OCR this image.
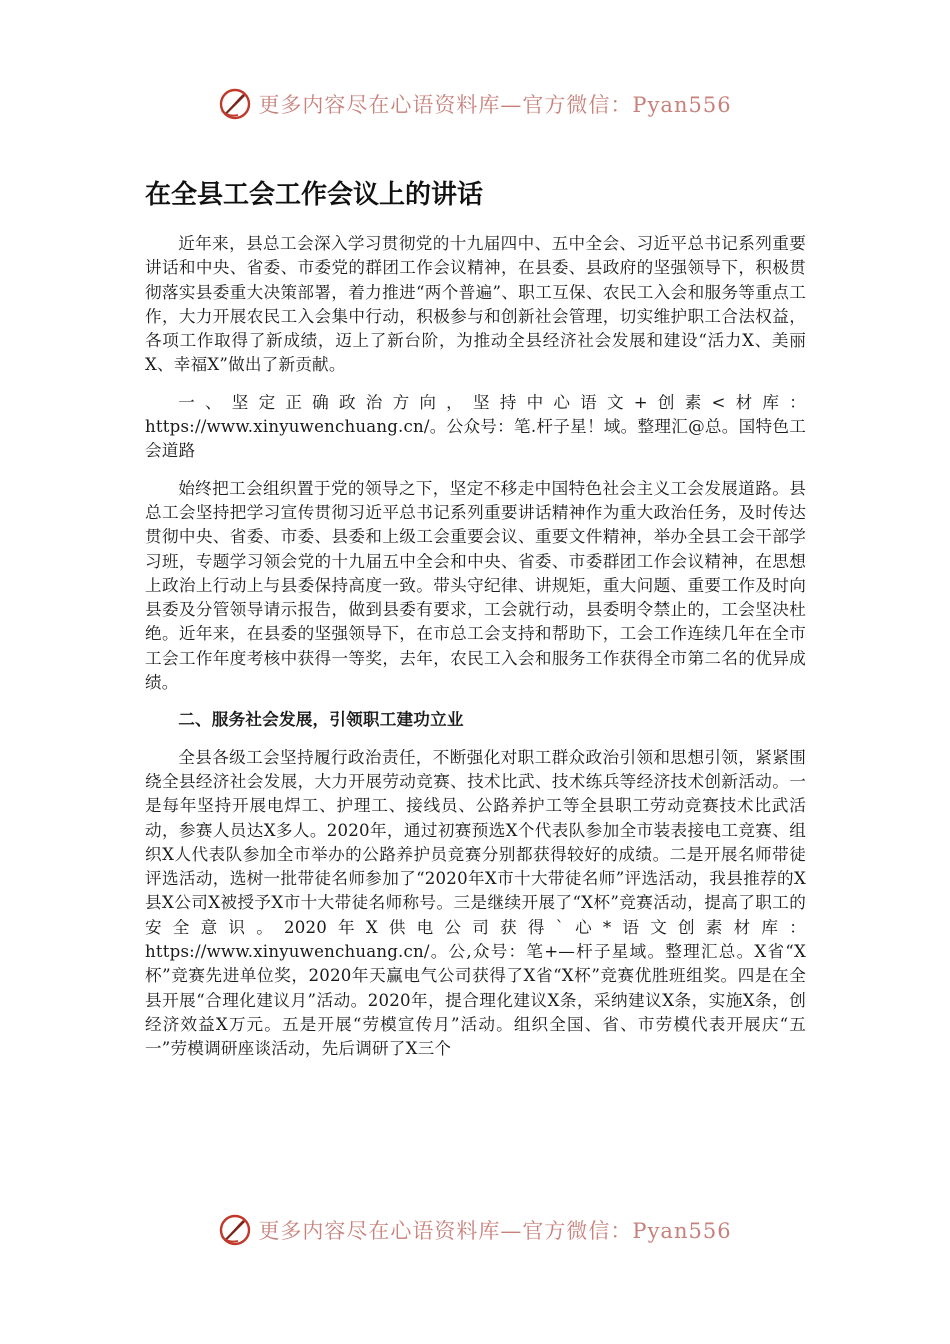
更多内容尽在心语资料库—官方微信：Pyan556
在全县工会工作会议上的讲话

近年来，县总工会深入学习贯彻党的十九届四中、五中全会、习近平总书记系列重要讲话和中央、省委、市委党的群团工作会议精神，在县委、县政府的坚强领导下，积极贯彻落实县委重大决策部署，着力推进“两个普遍”、职工互保、农民工入会和服务等重点工作，大力开展农民工入会集中行动，积极参与和创新社会管理，切实维护职工合法权益，各项工作取得了新成绩，迈上了新台阶，为推动全县经济社会发展和建设“活力X、美丽X、幸福X”做出了新贡献。

一、坚定正确政治方向，坚持中心语文+创素<材库：https://www.xinyuwenchuang.cn/。公众号：笔.杆子星！域。整理汇@总。国特色工会道路

始终把工会组织置于党的领导之下，坚定不移走中国特色社会主义工会发展道路。县总工会坚持把学习宣传贯彻习近平总书记系列重要讲话精神作为重大政治任务，及时传达贯彻中央、省委、市委、县委和上级工会重要会议、重要文件精神，举办全县工会干部学习班，专题学习领会党的十九届五中全会和中央、省委、市委群团工作会议精神，在思想上政治上行动上与县委保持高度一致。带头守纪律、讲规矩，重大问题、重要工作及时向县委及分管领导请示报告，做到县委有要求，工会就行动，县委明令禁止的，工会坚决杜绝。近年来，在县委的坚强领导下，在市总工会支持和帮助下，工会工作连续几年在全市工会工作年度考核中获得一等奖，去年，农民工入会和服务工作获得全市第二名的优异成绩。

二、服务社会发展，引领职工建功立业

全县各级工会坚持履行政治责任，不断强化对职工群众政治引领和思想引领，紧紧围绕全县经济社会发展，大力开展劳动竞赛、技术比武、技术练兵等经济技术创新活动。一是每年坚持开展电焊工、护理工、接线员、公路养护工等全县职工劳动竞赛技术比武活动，参赛人员达X多人。2020年，通过初赛预选X个代表队参加全市装表接电工竞赛、组织X人代表队参加全市举办的公路养护员竞赛分别都获得较好的成绩。二是开展名师带徒评选活动，选树一批带徒名师参加了“2020年X市十大带徒名师”评选活动，我县推荐的X县X公司X被授予X市十大带徒名师称号。三是继续开展了“X杯”竞赛活动，提高了职工的安全意识。2020年X供电公司获得`心*语文创素材库：https://www.xinyuwenchuang.cn/。公,众号：笔+—杆子星域。整理汇总。X省“X杯”竞赛先进单位奖，2020年天赢电气公司获得了X省“X杯”竞赛优胜班组奖。四是在全县开展“合理化建议月”活动。2020年，提合理化建议X条，采纳建议X条，实施X条，创经济效益X万元。五是开展“劳模宣传月”活动。组织全国、省、市劳模代表开展庆“五一”劳模调研座谈活动，先后调研了X三个

更多内容尽在心语资料库—官方微信：Pyan556
